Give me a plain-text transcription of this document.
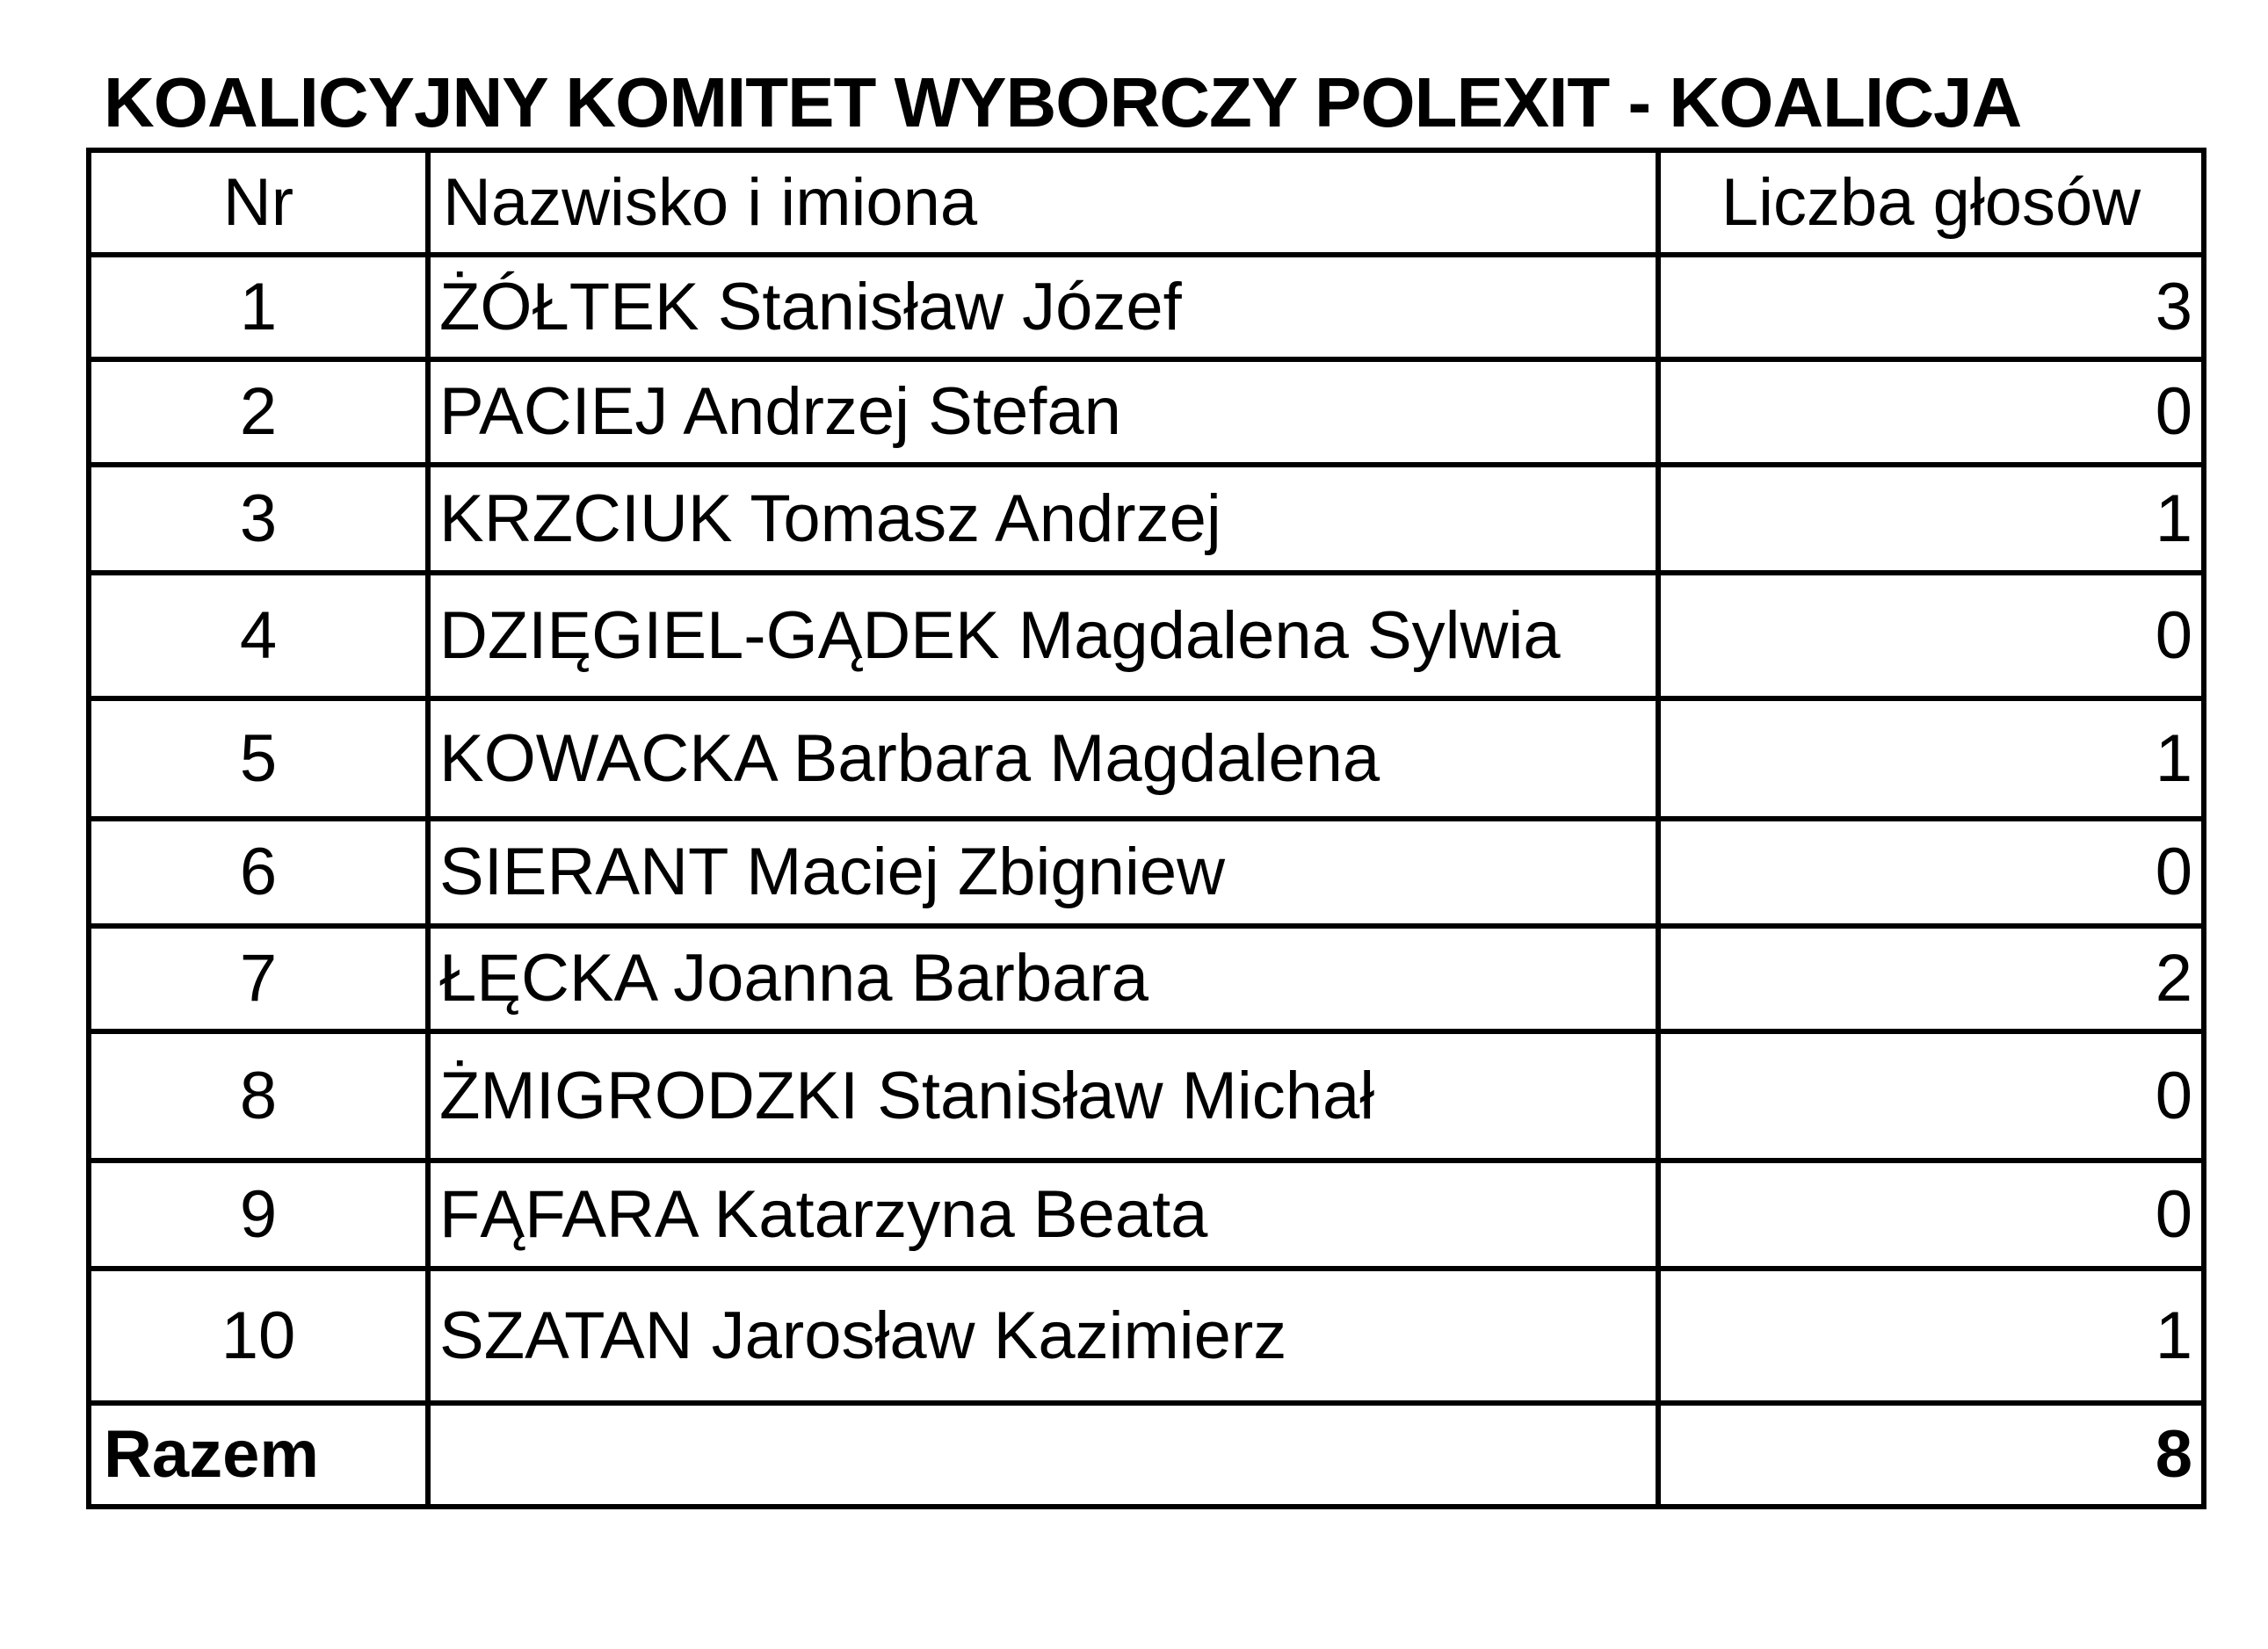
KOALICYJNY KOMITET WYBORCZY POLEXIT - KOALICJA
Nr	Nazwisko i imiona	Liczba głosów
1	ŻÓŁTEK Stanisław Józef	3
2	PACIEJ Andrzej Stefan	0
3	KRZCIUK Tomasz Andrzej	1
4	DZIĘGIEL-GĄDEK Magdalena Sylwia	0
5	KOWACKA Barbara Magdalena	1
6	SIERANT Maciej Zbigniew	0
7	ŁĘCKA Joanna Barbara	2
8	ŻMIGRODZKI Stanisław Michał	0
9	FĄFARA Katarzyna Beata	0
10	SZATAN Jarosław Kazimierz	1
Razem		8
